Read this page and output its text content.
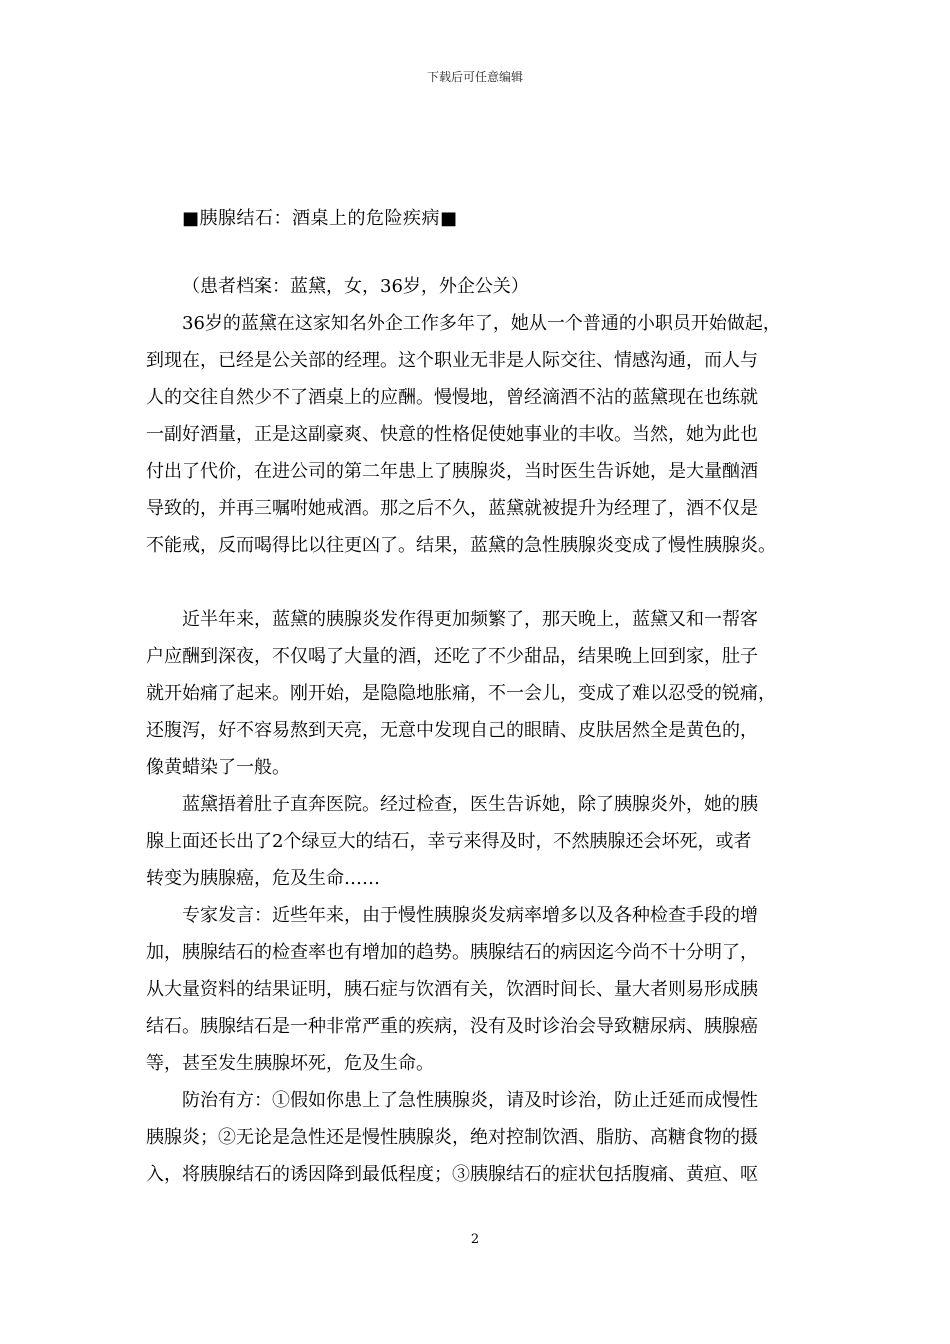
下载后可任意编辑
■胰腺结石：酒桌上的危险疾病■
（患者档案：蓝黛，女，36岁，外企公关）
36岁的蓝黛在这家知名外企工作多年了，她从一个普通的小职员开始做起，
到现在，已经是公关部的经理。这个职业无非是人际交往、情感沟通，而人与
人的交往自然少不了酒桌上的应酬。慢慢地，曾经滴酒不沾的蓝黛现在也练就
一副好酒量，正是这副豪爽、快意的性格促使她事业的丰收。当然，她为此也
付出了代价，在进公司的第二年患上了胰腺炎，当时医生告诉她，是大量酗酒
导致的，并再三嘱咐她戒酒。那之后不久，蓝黛就被提升为经理了，酒不仅是
不能戒，反而喝得比以往更凶了。结果，蓝黛的急性胰腺炎变成了慢性胰腺炎。
近半年来，蓝黛的胰腺炎发作得更加频繁了，那天晚上，蓝黛又和一帮客
户应酬到深夜，不仅喝了大量的酒，还吃了不少甜品，结果晚上回到家，肚子
就开始痛了起来。刚开始，是隐隐地胀痛，不一会儿，变成了难以忍受的锐痛，
还腹泻，好不容易熬到天亮，无意中发现自己的眼睛、皮肤居然全是黄色的，
像黄蜡染了一般。
蓝黛捂着肚子直奔医院。经过检查，医生告诉她，除了胰腺炎外，她的胰
腺上面还长出了2个绿豆大的结石，幸亏来得及时，不然胰腺还会坏死，或者
转变为胰腺癌，危及生命……
专家发言：近些年来，由于慢性胰腺炎发病率增多以及各种检查手段的增
加，胰腺结石的检查率也有增加的趋势。胰腺结石的病因迄今尚不十分明了，
从大量资料的结果证明，胰石症与饮酒有关，饮酒时间长、量大者则易形成胰
结石。胰腺结石是一种非常严重的疾病，没有及时诊治会导致糖尿病、胰腺癌
等，甚至发生胰腺坏死，危及生命。
防治有方：①假如你患上了急性胰腺炎，请及时诊治，防止迁延而成慢性
胰腺炎；②无论是急性还是慢性胰腺炎，绝对控制饮酒、脂肪、高糖食物的摄
入，将胰腺结石的诱因降到最低程度；③胰腺结石的症状包括腹痛、黄疸、呕
2
